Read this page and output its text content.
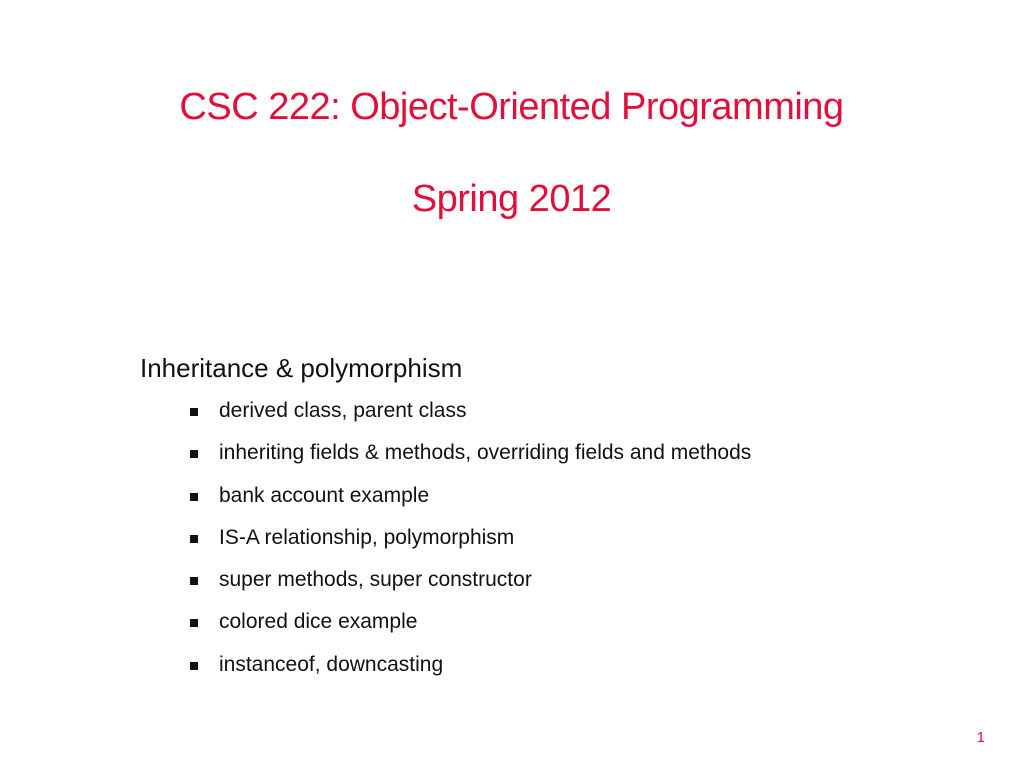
CSC 222: Object-Oriented Programming
Spring 2012
Inheritance & polymorphism
derived class, parent class
inheriting fields & methods, overriding fields and methods
bank account example
IS-A relationship, polymorphism
super methods, super constructor
colored dice example
instanceof, downcasting
1
